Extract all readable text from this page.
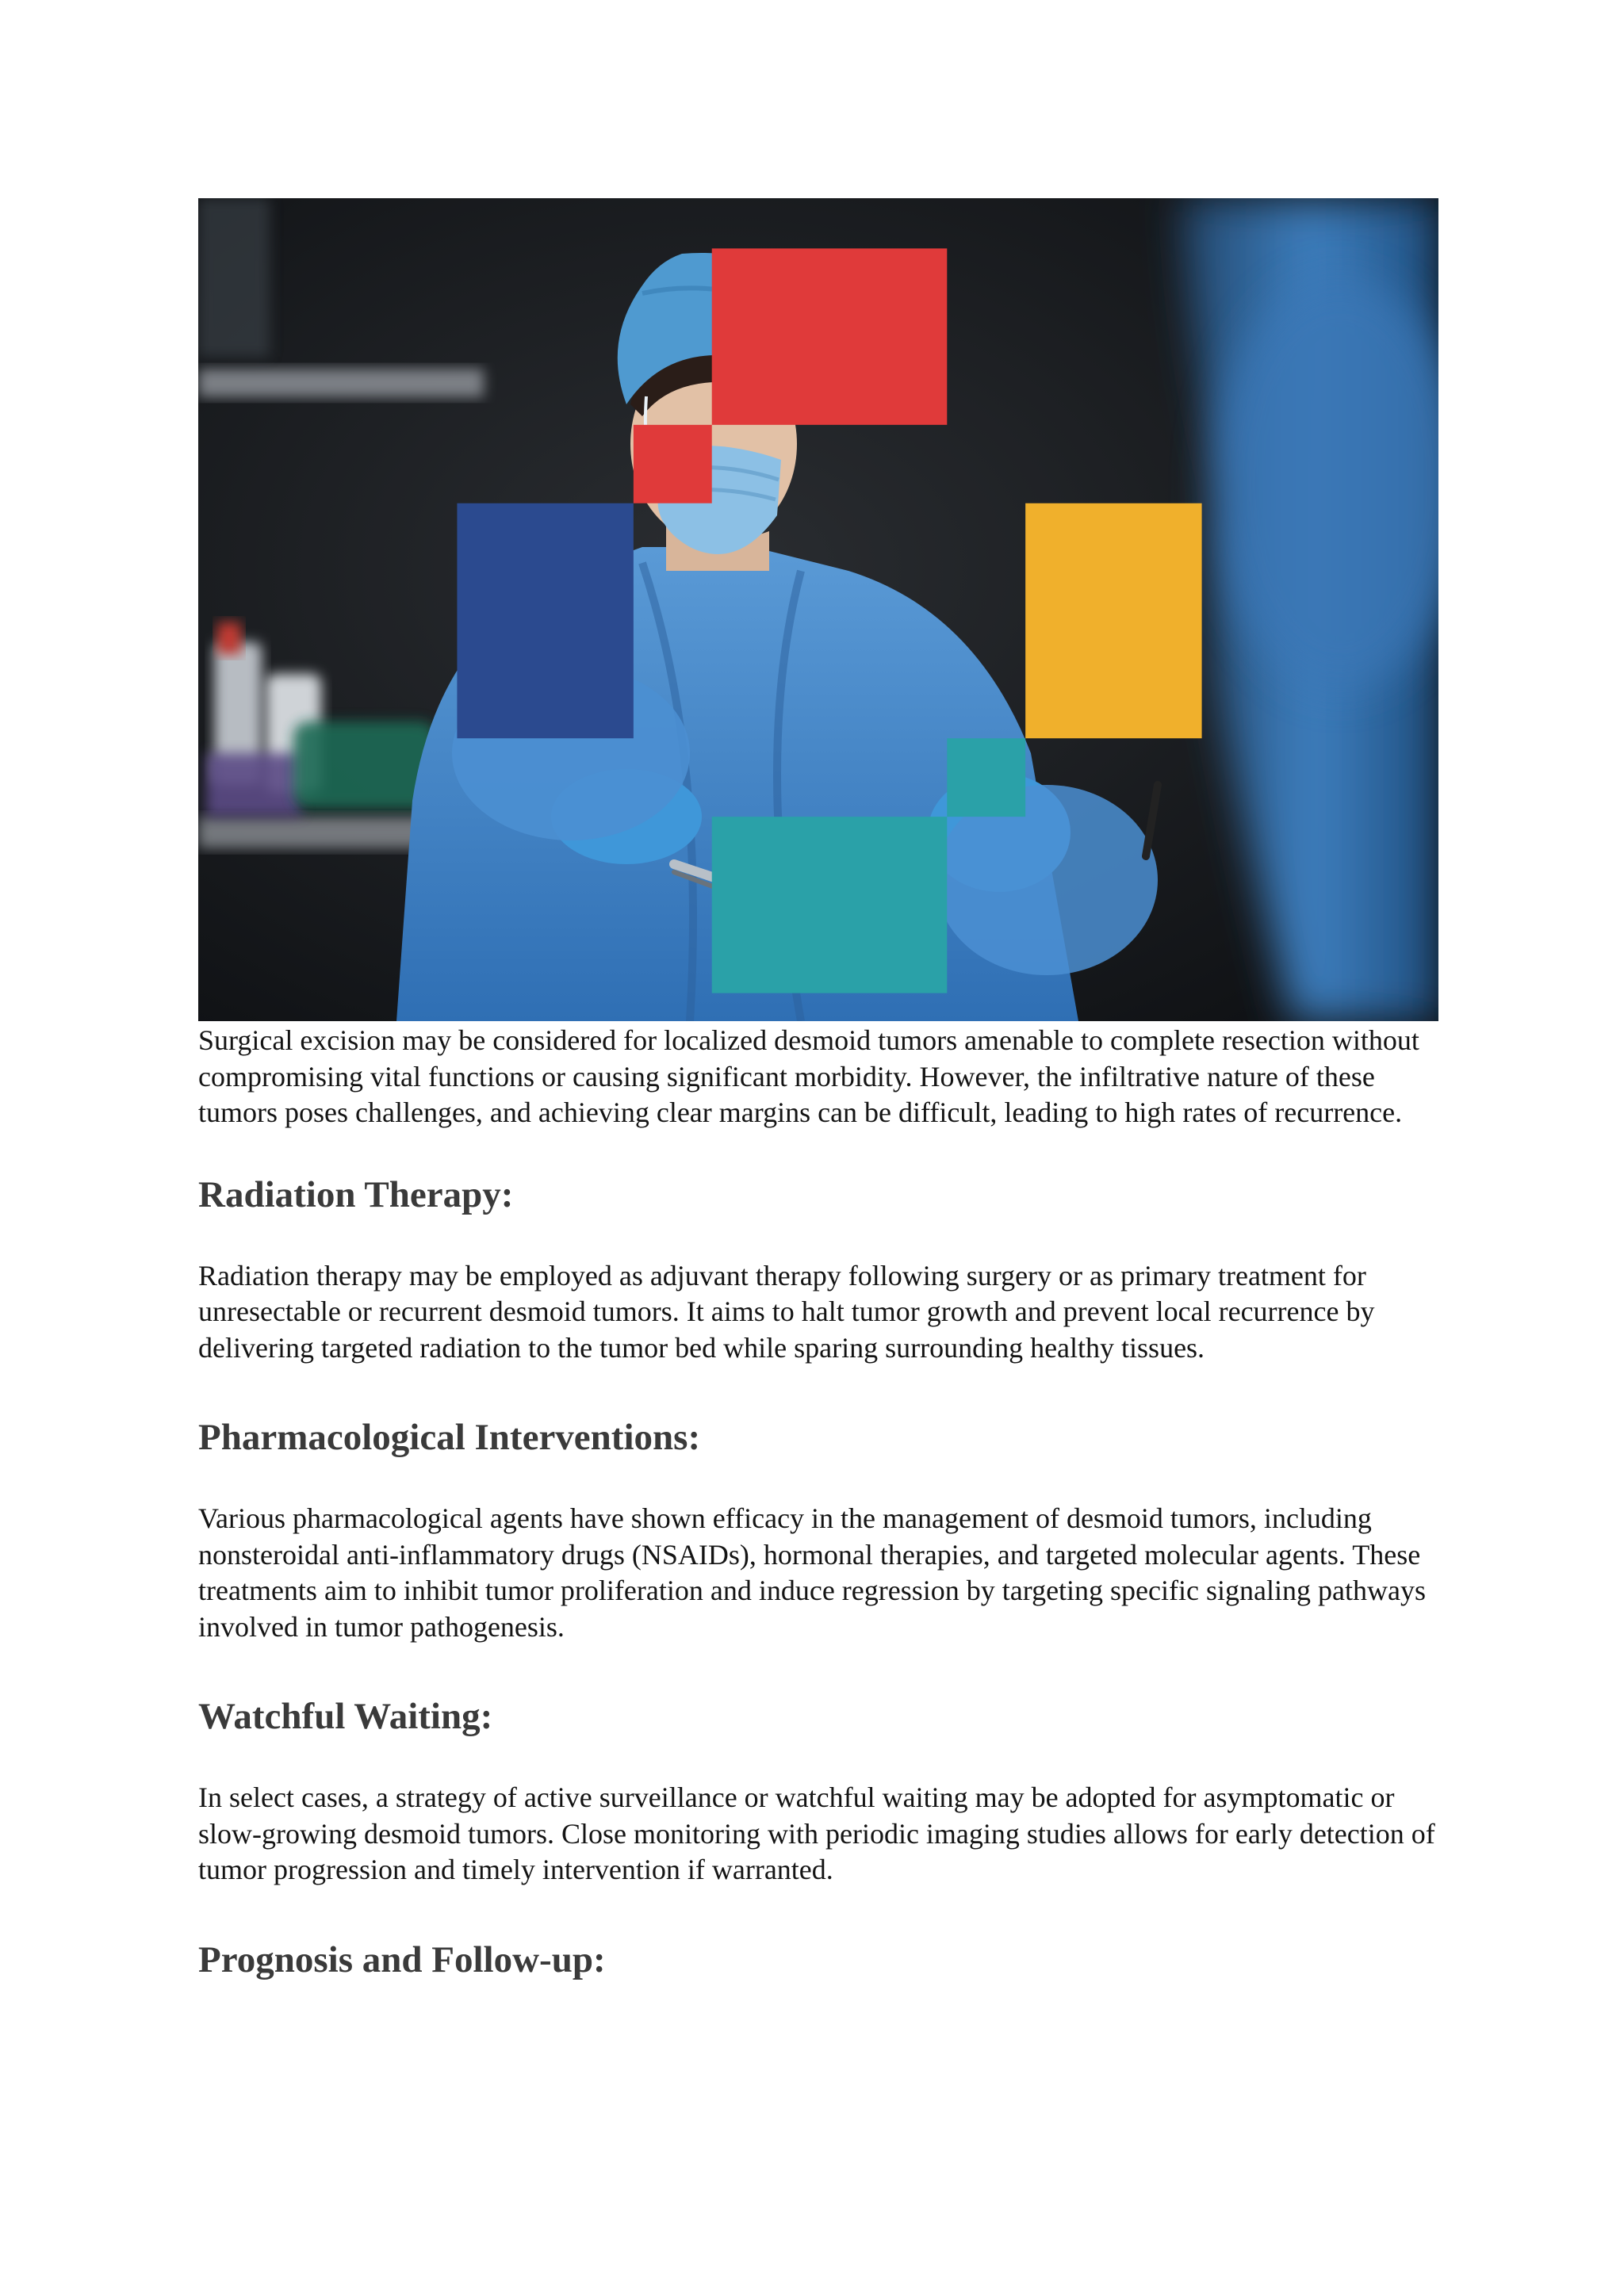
Surgical excision may be considered for localized desmoid tumors amenable to complete resection without compromising vital functions or causing significant morbidity. However, the infiltrative nature of these tumors poses challenges, and achieving clear margins can be difficult, leading to high rates of recurrence.

Radiation Therapy:

Radiation therapy may be employed as adjuvant therapy following surgery or as primary treatment for unresectable or recurrent desmoid tumors. It aims to halt tumor growth and prevent local recurrence by delivering targeted radiation to the tumor bed while sparing surrounding healthy tissues.

Pharmacological Interventions:

Various pharmacological agents have shown efficacy in the management of desmoid tumors, including nonsteroidal anti-inflammatory drugs (NSAIDs), hormonal therapies, and targeted molecular agents. These treatments aim to inhibit tumor proliferation and induce regression by targeting specific signaling pathways involved in tumor pathogenesis.

Watchful Waiting:

In select cases, a strategy of active surveillance or watchful waiting may be adopted for asymptomatic or slow-growing desmoid tumors. Close monitoring with periodic imaging studies allows for early detection of tumor progression and timely intervention if warranted.

Prognosis and Follow-up:
